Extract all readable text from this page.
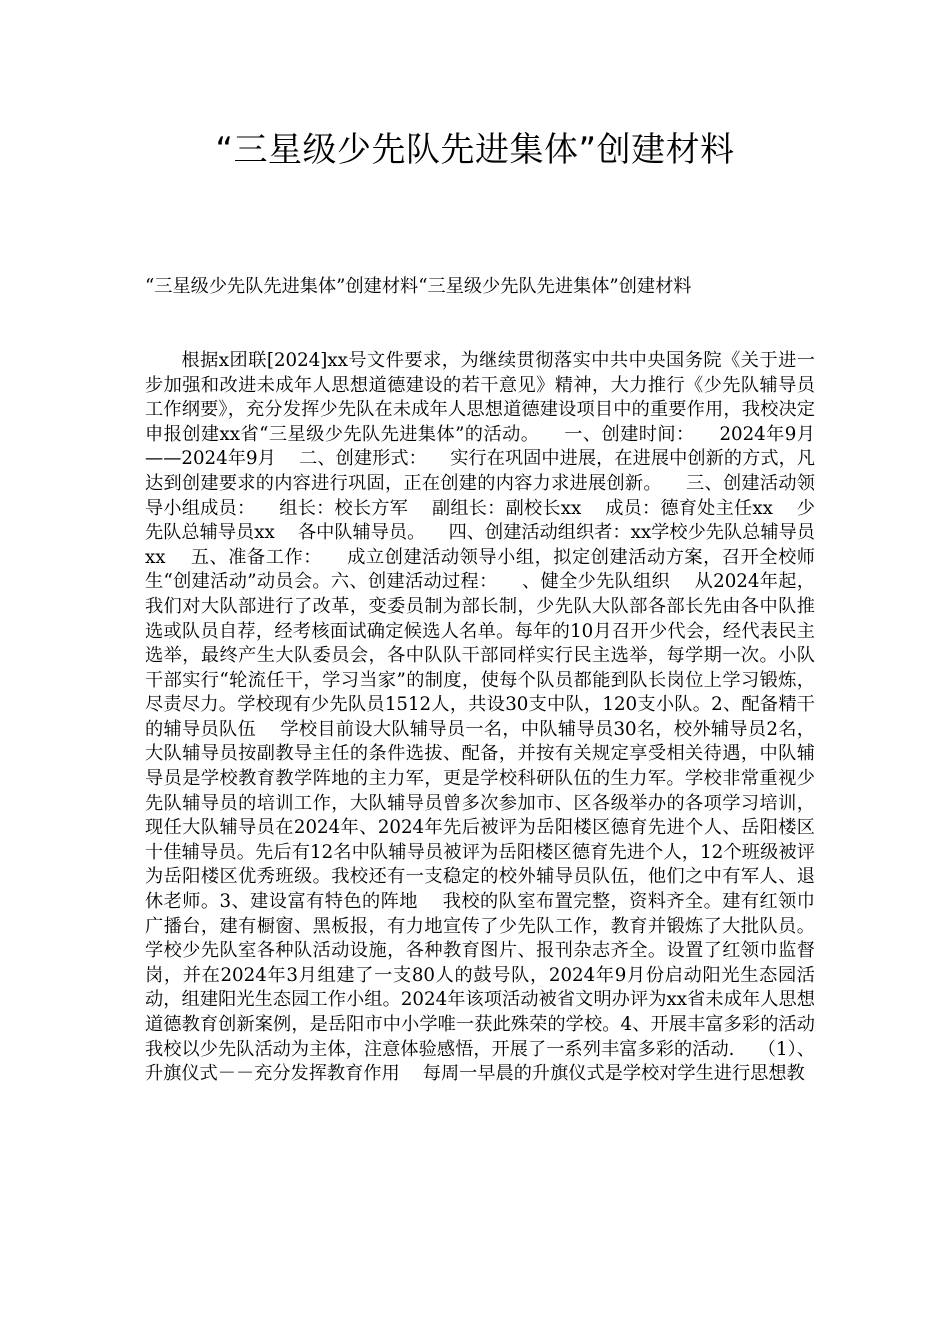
“三星级少先队先进集体”创建材料

“三星级少先队先进集体”创建材料“三星级少先队先进集体”创建材料

根据x团联[2024]xx号文件要求，为继续贯彻落实中共中央国务院《关于进一步加强和改进未成年人思想道德建设的若干意见》精神，大力推行《少先队辅导员工作纲要》，充分发挥少先队在未成年人思想道德建设项目中的重要作用，我校决定申报创建xx省“三星级少先队先进集体”的活动。    一、创建时间：    2024年9月——2024年9月    二、创建形式：    实行在巩固中进展，在进展中创新的方式，凡达到创建要求的内容进行巩固，正在创建的内容力求进展创新。    三、创建活动领导小组成员：    组长：校长方军    副组长：副校长xx    成员：德育处主任xx    少先队总辅导员xx    各中队辅导员。    四、创建活动组织者：xx学校少先队总辅导员xx    五、准备工作：    成立创建活动领导小组，拟定创建活动方案，召开全校师生“创建活动”动员会。六、创建活动过程：    、健全少先队组织    从2024年起，我们对大队部进行了改革，变委员制为部长制，少先队大队部各部长先由各中队推选或队员自荐，经考核面试确定候选人名单。每年的10月召开少代会，经代表民主选举，最终产生大队委员会，各中队队干部同样实行民主选举，每学期一次。小队干部实行“轮流任干，学习当家”的制度，使每个队员都能到队长岗位上学习锻炼，尽责尽力。学校现有少先队员1512人，共设30支中队，120支小队。2、配备精干的辅导员队伍    学校目前设大队辅导员一名，中队辅导员30名，校外辅导员2名，大队辅导员按副教导主任的条件选拔、配备，并按有关规定享受相关待遇，中队辅导员是学校教育教学阵地的主力军，更是学校科研队伍的生力军。学校非常重视少先队辅导员的培训工作，大队辅导员曾多次参加市、区各级举办的各项学习培训，现任大队辅导员在2024年、2024年先后被评为岳阳楼区德育先进个人、岳阳楼区十佳辅导员。先后有12名中队辅导员被评为岳阳楼区德育先进个人，12个班级被评为岳阳楼区优秀班级。我校还有一支稳定的校外辅导员队伍，他们之中有军人、退休老师。3、建设富有特色的阵地    我校的队室布置完整，资料齐全。建有红领巾广播台，建有橱窗、黑板报，有力地宣传了少先队工作，教育并锻炼了大批队员。学校少先队室各种队活动设施，各种教育图片、报刊杂志齐全。设置了红领巾监督岗，并在2024年3月组建了一支80人的鼓号队，2024年9月份启动阳光生态园活动，组建阳光生态园工作小组。2024年该项活动被省文明办评为xx省未成年人思想道德教育创新案例，是岳阳市中小学唯一获此殊荣的学校。4、开展丰富多彩的活动    我校以少先队活动为主体，注意体验感悟，开展了一系列丰富多彩的活动.    （1）、升旗仪式－－充分发挥教育作用    每周一早晨的升旗仪式是学校对学生进行思想教
